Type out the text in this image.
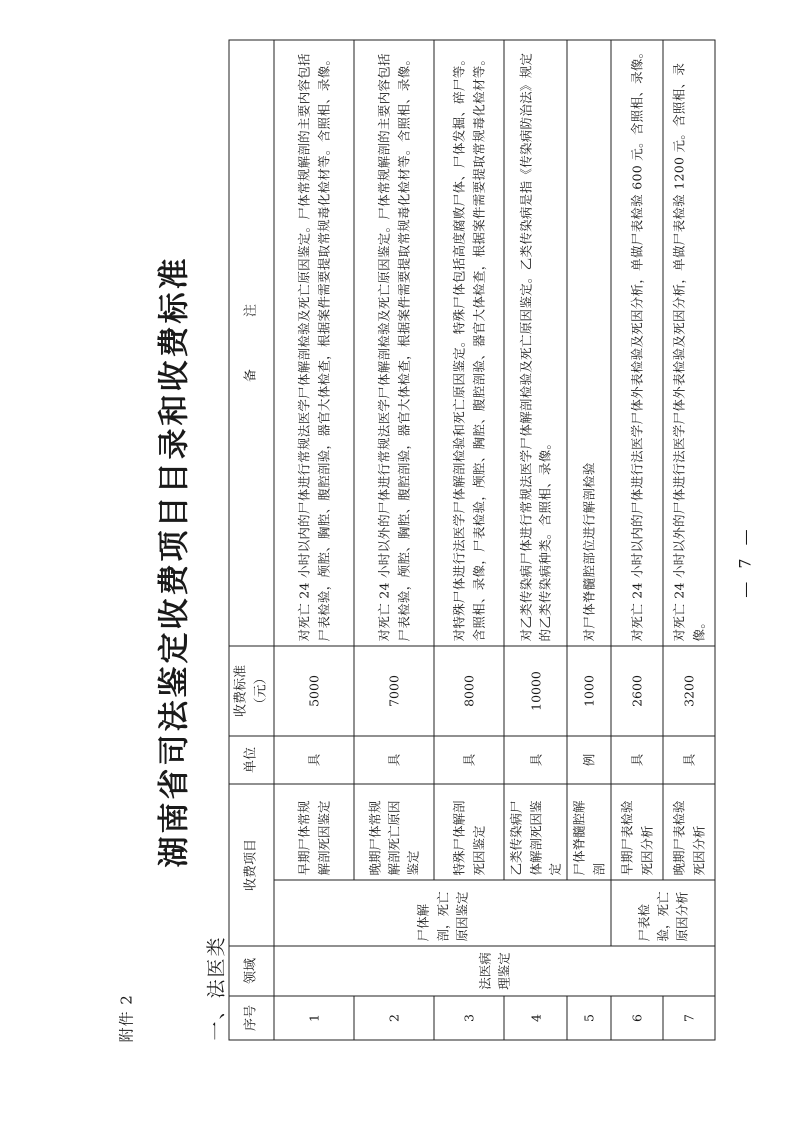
附件 2
湖南省司法鉴定收费项目目录和收费标准
一、法医类 序号	领域	收费项目		单位	收费标准（元）	备　　　　注
1	法医病理鉴定	尸体解剖，死亡原因鉴定	早期尸体常规解剖死因鉴定	具	5000	对死亡 24 小时以内的尸体进行常规法医学尸体解剖检验及死亡原因鉴定。尸体常规解剖的主要内容包括尸表检验，颅腔、胸腔、腹腔剖验，器官大体检查，根据案件需要提取常规毒化检材等。含照相、录像。
2			晚期尸体常规解剖死亡原因鉴定	具	7000	对死亡 24 小时以外的尸体进行常规法医学尸体解剖检验及死亡原因鉴定。尸体常规解剖的主要内容包括尸表检验，颅腔、胸腔、腹腔剖验，器官大体检查，根据案件需要提取常规毒化检材等。含照相、录像。
3			特殊尸体解剖死因鉴定	具	8000	对特殊尸体进行法医学尸体解剖检验和死亡原因鉴定。特殊尸体包括高度腐败尸体、尸体发掘、碎尸等。含照相、录像，尸表检验，颅腔、胸腔、腹腔剖验、器官大体检查，根据案件需要提取常规毒化检材等。
4			乙类传染病尸体解剖死因鉴定	具	10000	对乙类传染病尸体进行常规法医学尸体解剖检验及死亡原因鉴定。乙类传染病是指《传染病防治法》规定的乙类传染病种类。含照相、录像。
5			尸体脊髓腔解剖	例	1000	对尸体脊髓腔部位进行解剖检验
6		尸表检验，死亡原因分析	早期尸表检验死因分析	具	2600	对死亡 24 小时以内的尸体进行法医学尸体外表检验及死因分析，单做尸表检验 600 元。含照相、录像。
7			晚期尸表检验死因分析	具	3200	对死亡 24 小时以外的尸体进行法医学尸体外表检验及死因分析，单做尸表检验 1200 元。含照相、录像。
— 7 —
